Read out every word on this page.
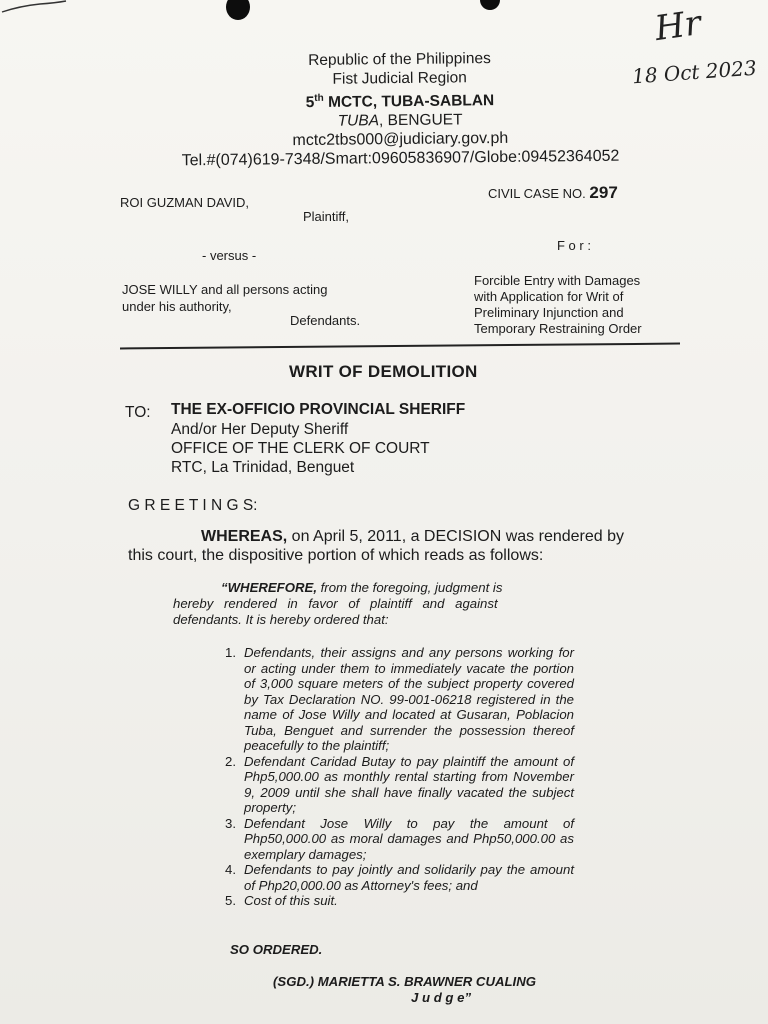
Hr
18 Oct 2023
Republic of the Philippines
Fist Judicial Region
5th MCTC, TUBA-SABLAN
TUBA, BENGUET
mctc2tbs000@judiciary.gov.ph
Tel.#(074)619-7348/Smart:09605836907/Globe:09452364052
ROI GUZMAN DAVID,
Plaintiff,
- versus -
JOSE WILLY and all persons acting
under his authority,
Defendants.
CIVIL CASE NO. 297
F o r :
Forcible Entry with Damages
with Application for Writ of
Preliminary Injunction and
Temporary Restraining Order
WRIT OF DEMOLITION
TO: THE EX-OFFICIO PROVINCIAL SHERIFF
And/or Her Deputy Sheriff
OFFICE OF THE CLERK OF COURT
RTC, La Trinidad, Benguet
G R E E T I N G S:
WHEREAS, on April 5, 2011, a DECISION was rendered by
this court, the dispositive portion of which reads as follows:
“WHEREFORE, from the foregoing, judgment is
hereby rendered in favor of plaintiff and against
defendants. It is hereby ordered that:
1. Defendants, their assigns and any persons working for or acting under them to immediately vacate the portion of 3,000 square meters of the subject property covered by Tax Declaration NO. 99-001-06218 registered in the name of Jose Willy and located at Gusaran, Poblacion Tuba, Benguet and surrender the possession thereof peacefully to the plaintiff;
2. Defendant Caridad Butay to pay plaintiff the amount of Php5,000.00 as monthly rental starting from November 9, 2009 until she shall have finally vacated the subject property;
3. Defendant Jose Willy to pay the amount of Php50,000.00 as moral damages and Php50,000.00 as exemplary damages;
4. Defendants to pay jointly and solidarily pay the amount of Php20,000.00 as Attorney's fees; and
5. Cost of this suit.
SO ORDERED.
(SGD.) MARIETTA S. BRAWNER CUALING
J u d g e”
